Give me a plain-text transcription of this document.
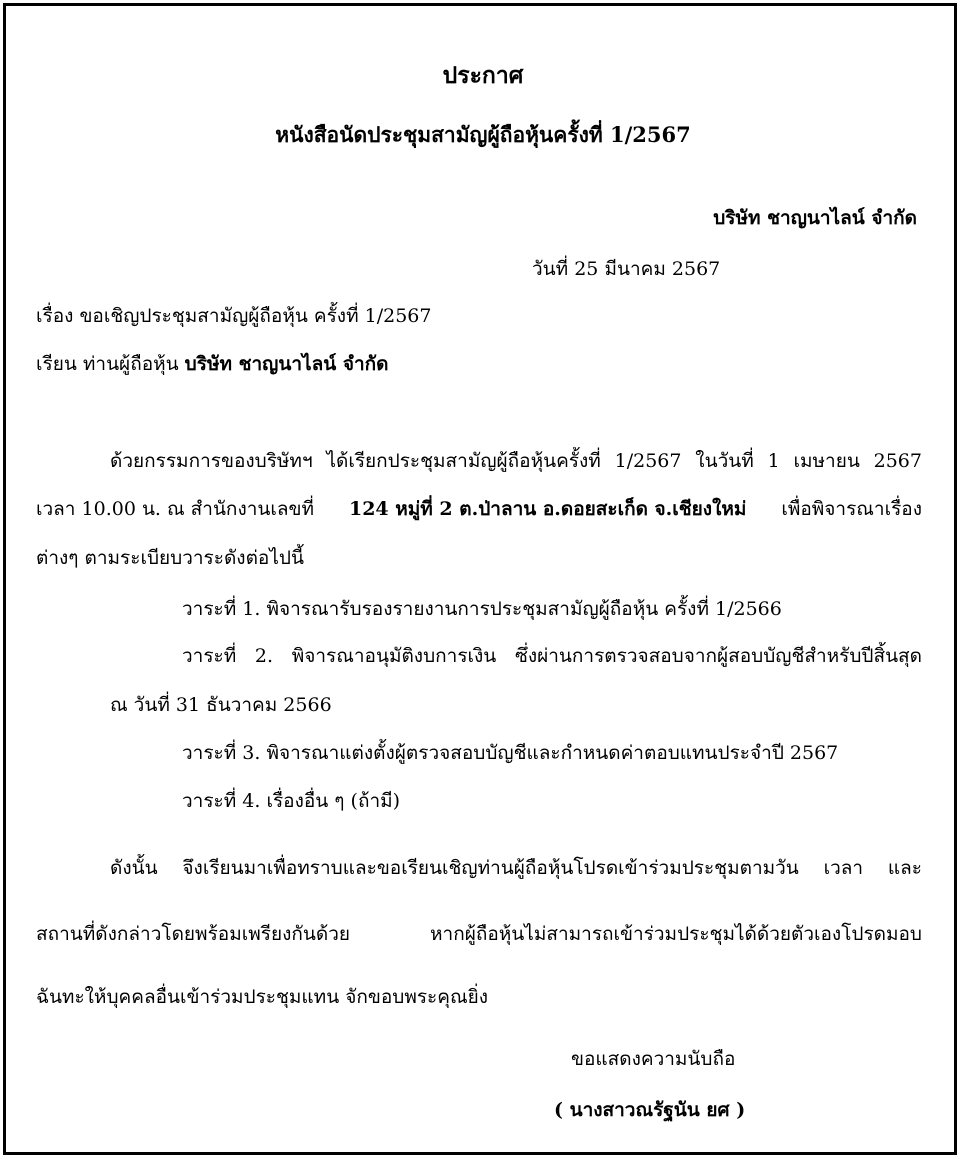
ประกาศ
หนังสือนัดประชุมสามัญผู้ถือหุ้นครั้งที่ 1/2567
บริษัท ชาญนาไลน์ จำกัด
วันที่ 25 มีนาคม 2567
เรื่อง ขอเชิญประชุมสามัญผู้ถือหุ้น ครั้งที่ 1/2567
เรียน ท่านผู้ถือหุ้น บริษัท ชาญนาไลน์ จำกัด
ด้วยกรรมการของบริษัทฯ ได้เรียกประชุมสามัญผู้ถือหุ้นครั้งที่ 1/2567 ในวันที่ 1 เมษายน 2567
เวลา 10.00 น. ณ สำนักงานเลขที่ 124 หมู่ที่ 2 ต.ป่าลาน อ.ดอยสะเก็ด จ.เชียงใหม่ เพื่อพิจารณาเรื่อง
ต่างๆ ตามระเบียบวาระดังต่อไปนี้
วาระที่ 1. พิจารณารับรองรายงานการประชุมสามัญผู้ถือหุ้น ครั้งที่ 1/2566
วาระที่ 2. พิจารณาอนุมัติงบการเงิน ซึ่งผ่านการตรวจสอบจากผู้สอบบัญชีสำหรับปีสิ้นสุด
ณ วันที่ 31 ธันวาคม 2566
วาระที่ 3. พิจารณาแต่งตั้งผู้ตรวจสอบบัญชีและกำหนดค่าตอบแทนประจำปี 2567
วาระที่ 4. เรื่องอื่น ๆ (ถ้ามี)
ดังนั้น จึงเรียนมาเพื่อทราบและขอเรียนเชิญท่านผู้ถือหุ้นโปรดเข้าร่วมประชุมตามวัน เวลา และ
สถานที่ดังกล่าวโดยพร้อมเพรียงกันด้วย หากผู้ถือหุ้นไม่สามารถเข้าร่วมประชุมได้ด้วยตัวเองโปรดมอบ
ฉันทะให้บุคคลอื่นเข้าร่วมประชุมแทน จักขอบพระคุณยิ่ง
ขอแสดงความนับถือ
( นางสาวณรัฐนัน ยศ )
